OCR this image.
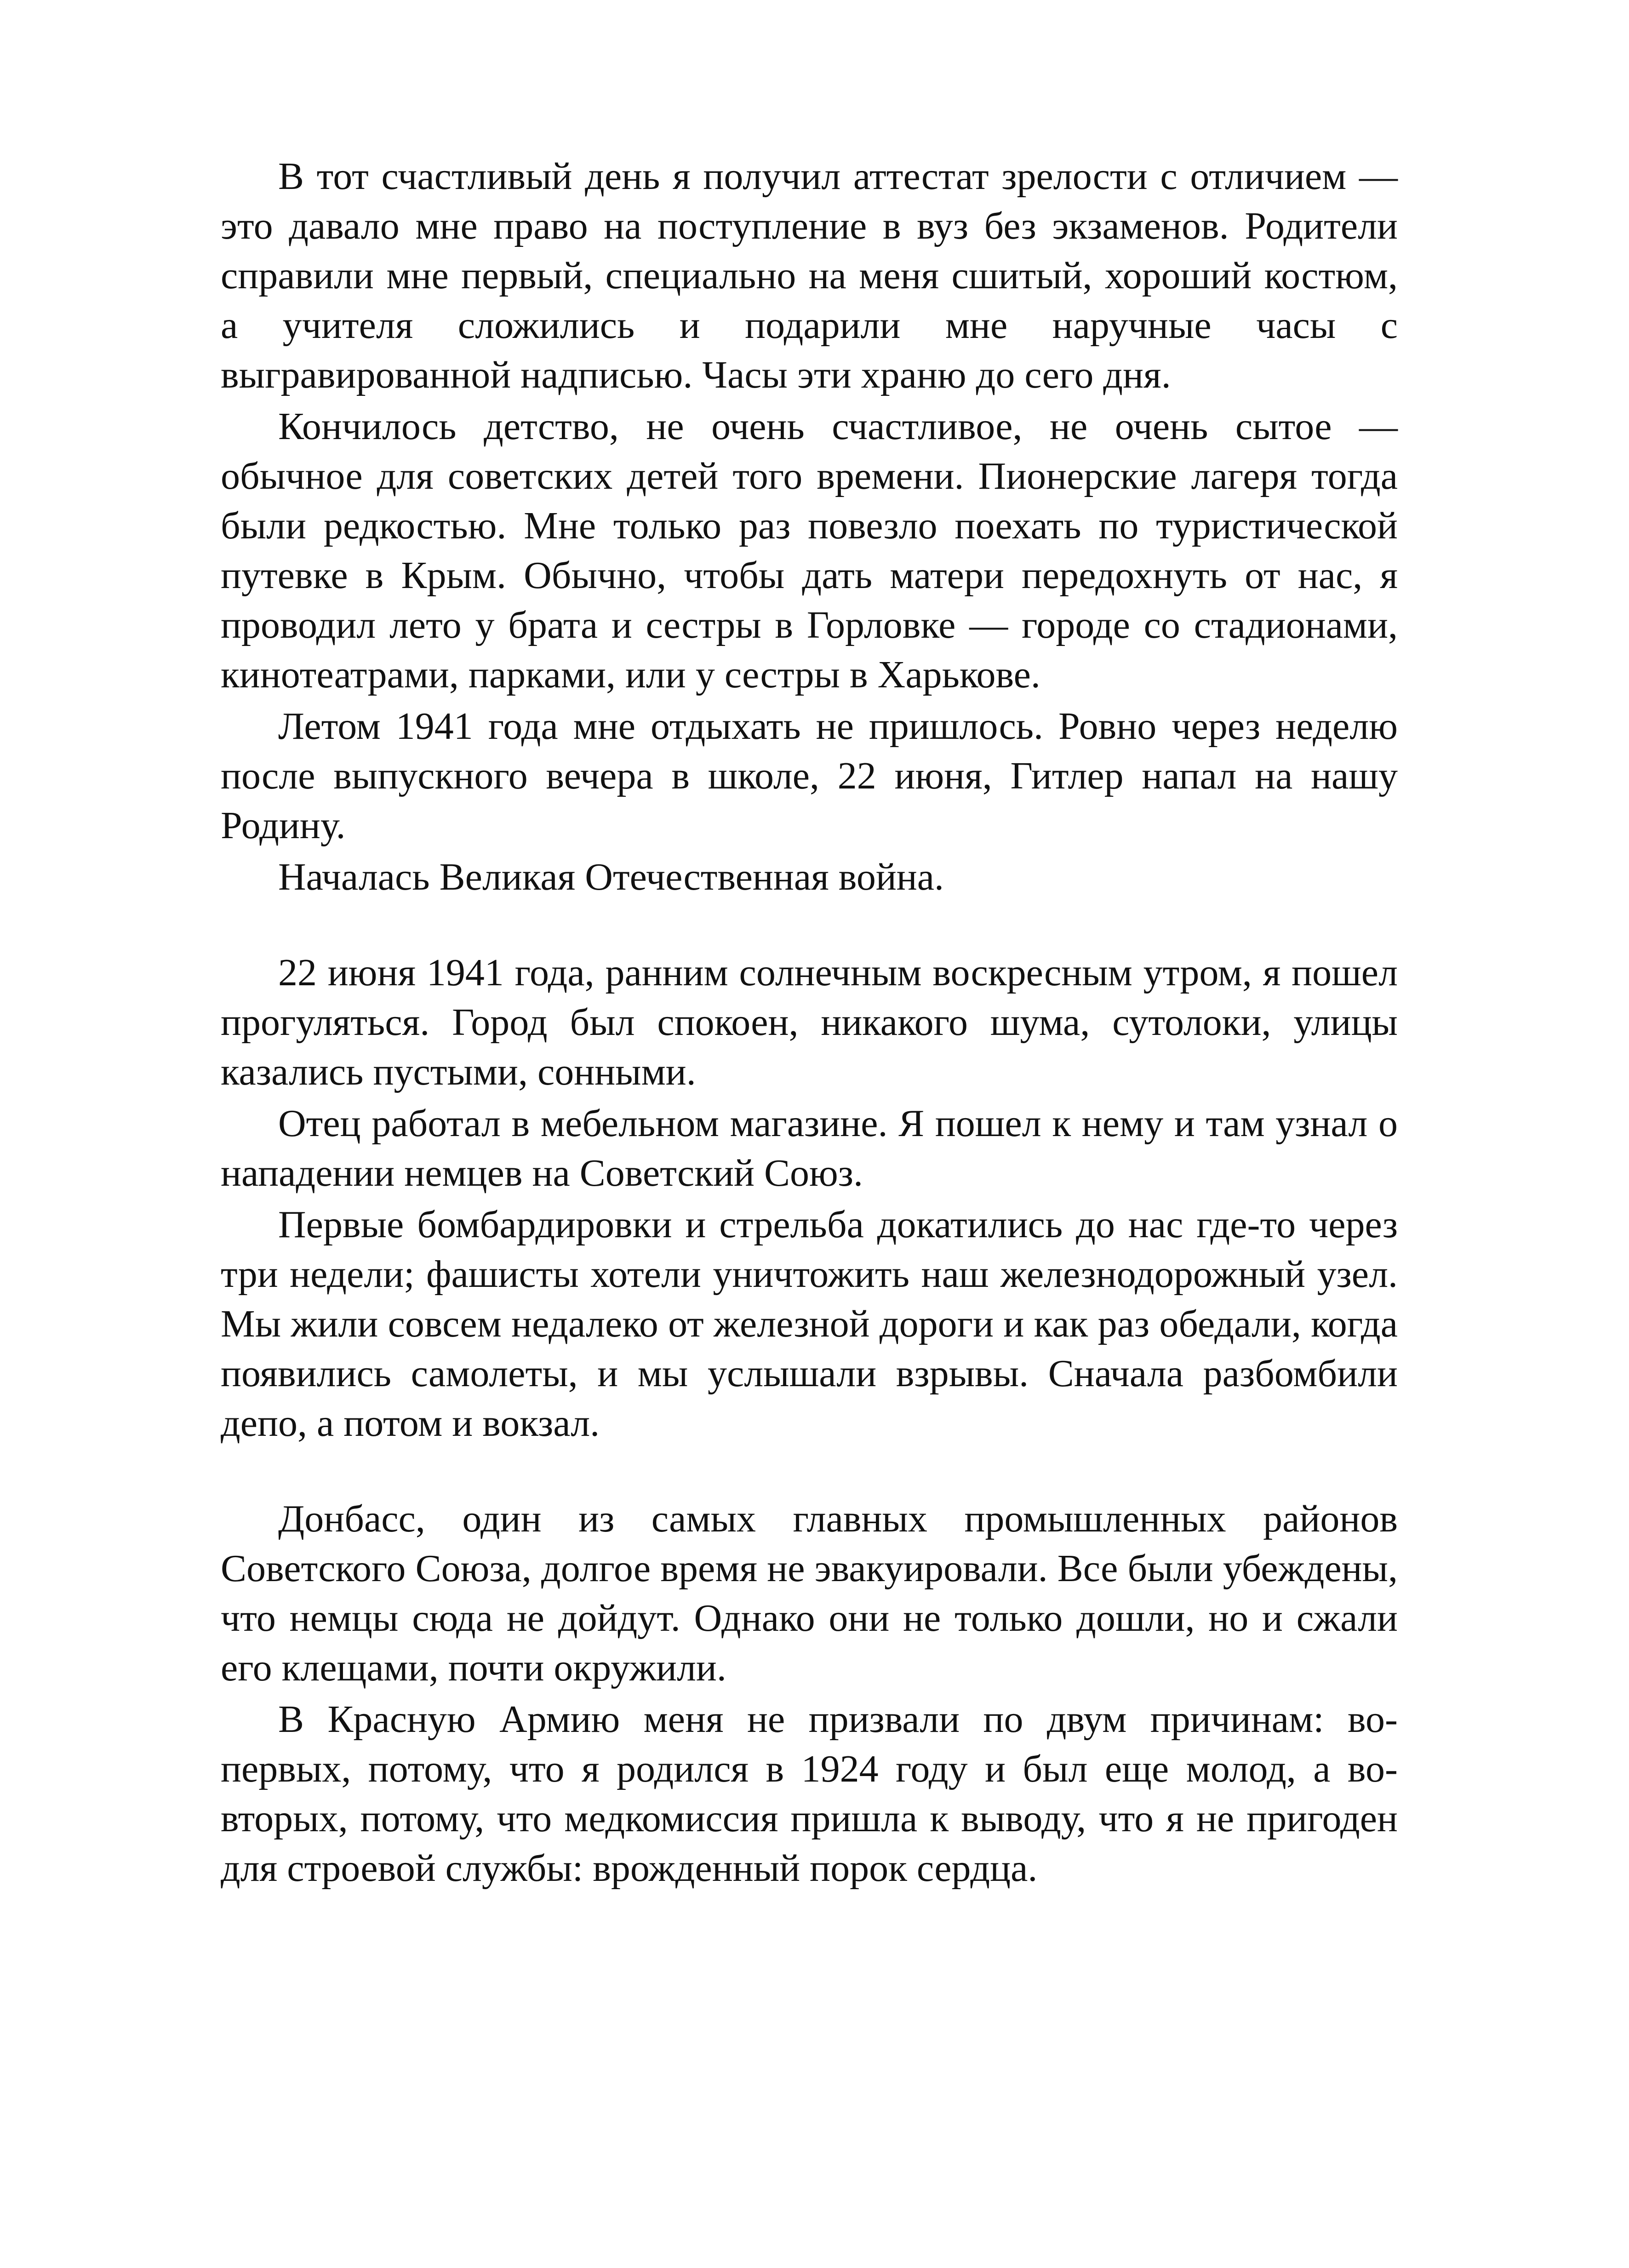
В тот счастливый день я получил аттестат зрелости с отличием — это давало мне право на поступление в вуз без экзаменов. Родители справили мне первый, специально на меня сшитый, хороший костюм, а учителя сложились и подарили мне наручные часы с выгравированной надписью. Часы эти храню до сего дня.

Кончилось детство, не очень счастливое, не очень сытое — обычное для советских детей того времени. Пионерские лагеря тогда были редкостью. Мне только раз повезло поехать по туристической путевке в Крым. Обычно, чтобы дать матери передохнуть от нас, я проводил лето у брата и сестры в Горловке — городе со стадионами, кинотеатрами, парками, или у сестры в Харькове.

Летом 1941 года мне отдыхать не пришлось. Ровно через неделю после выпускного вечера в школе, 22 июня, Гитлер напал на нашу Родину.

Началась Великая Отечественная война.

22 июня 1941 года, ранним солнечным воскресным утром, я пошел прогуляться. Город был спокоен, никакого шума, сутолоки, улицы казались пустыми, сонными.

Отец работал в мебельном магазине. Я пошел к нему и там узнал о нападении немцев на Советский Союз.

Первые бомбардировки и стрельба докатились до нас где-то через три недели; фашисты хотели уничтожить наш железнодорожный узел. Мы жили совсем недалеко от железной дороги и как раз обедали, когда появились самолеты, и мы услышали взрывы. Сначала разбомбили депо, а потом и вокзал.

Донбасс, один из самых главных промышленных районов Советского Союза, долгое время не эвакуировали. Все были убеждены, что немцы сюда не дойдут. Однако они не только дошли, но и сжали его клещами, почти окружили.

В Красную Армию меня не призвали по двум причинам: во-первых, потому, что я родился в 1924 году и был еще молод, а во-вторых, потому, что медкомиссия пришла к выводу, что я не пригоден для строевой службы: врожденный порок сердца.
